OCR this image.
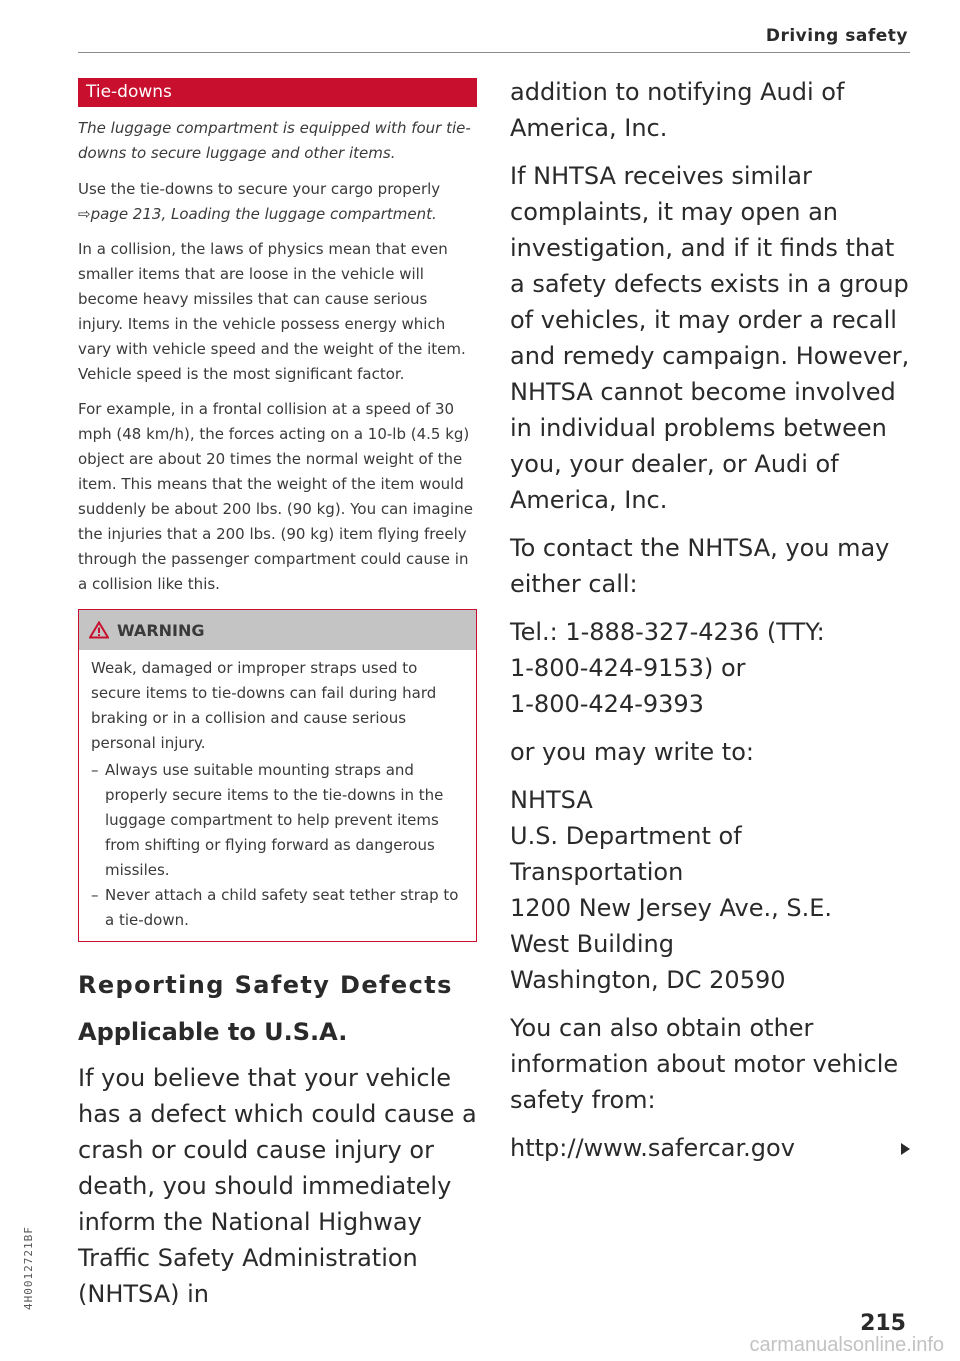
Driving safety
Tie-downs

The luggage compartment is equipped with four tie-downs to secure luggage and other items.

Use the tie-downs to secure your cargo properly ⇨page 213, Loading the luggage compartment.

In a collision, the laws of physics mean that even smaller items that are loose in the vehicle will become heavy missiles that can cause serious injury. Items in the vehicle possess energy which vary with vehicle speed and the weight of the item. Vehicle speed is the most significant factor.

For example, in a frontal collision at a speed of 30 mph (48 km/h), the forces acting on a 10-lb (4.5 kg) object are about 20 times the normal weight of the item. This means that the weight of the item would suddenly be about 200 lbs. (90 kg). You can imagine the injuries that a 200 lbs. (90 kg) item flying freely through the passenger compartment could cause in a collision like this.

WARNING

Weak, damaged or improper straps used to secure items to tie-downs can fail during hard braking or in a collision and cause serious personal injury.

– Always use suitable mounting straps and properly secure items to the tie-downs in the luggage compartment to help prevent items from shifting or flying forward as dangerous missiles.

– Never attach a child safety seat tether strap to a tie-down.

Reporting Safety Defects
Applicable to U.S.A.

If you believe that your vehicle has a defect which could cause a crash or could cause injury or death, you should immediately inform the National Highway Traffic Safety Administration (NHTSA) in

addition to notifying Audi of America, Inc.

If NHTSA receives similar complaints, it may open an investigation, and if it finds that a safety defects exists in a group of vehicles, it may order a recall and remedy campaign. However, NHTSA cannot become involved in individual problems between you, your dealer, or Audi of America, Inc.

To contact the NHTSA, you may either call:

Tel.: 1-888-327-4236 (TTY:
1-800-424-9153) or
1-800-424-9393

or you may write to:

NHTSA
U.S. Department of Transportation
1200 New Jersey Ave., S.E.
West Building
Washington, DC 20590

You can also obtain other information about motor vehicle safety from:

http://www.safercar.gov

215
4H0012721BF
carmanualsonline.info
